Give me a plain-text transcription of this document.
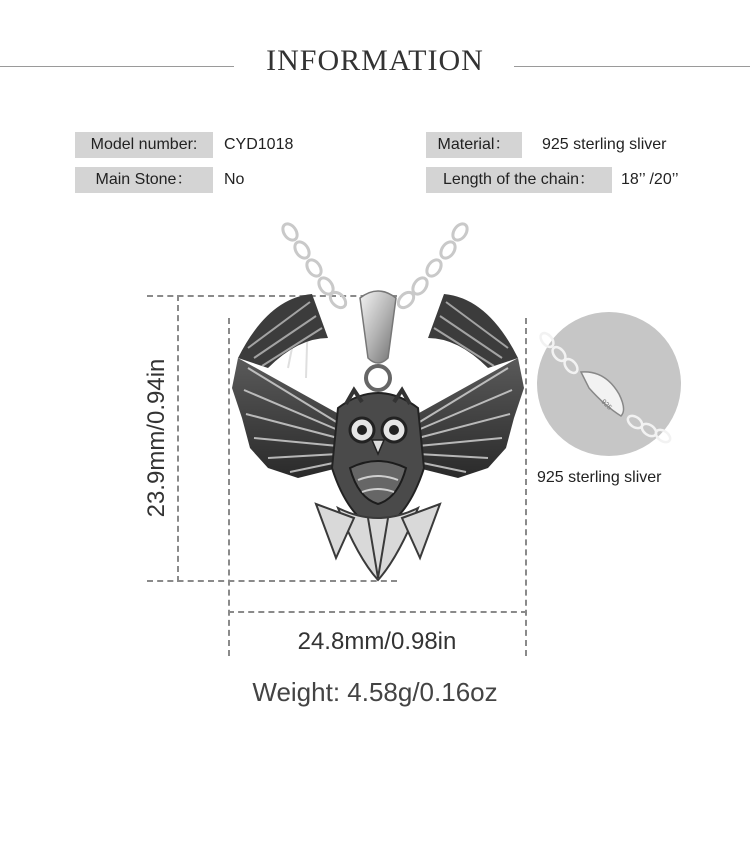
INFORMATION
Model number:	CYD1018	Material：	925 sterling sliver
Main Stone：	No	Length of the chain：	18’’ /20’’
23.9mm/0.94in
24.8mm/0.98in
925
925 sterling sliver
Weight: 4.58g/0.16oz
